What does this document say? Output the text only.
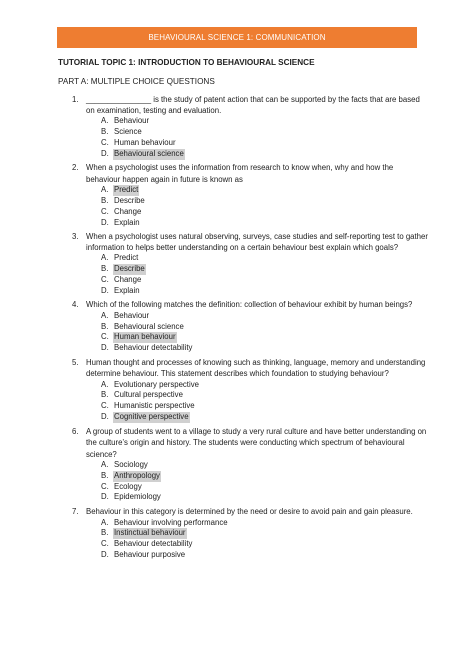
BEHAVIOURAL SCIENCE 1: COMMUNICATION
TUTORIAL TOPIC 1: INTRODUCTION TO BEHAVIOURAL SCIENCE
PART A: MULTIPLE CHOICE QUESTIONS
1. _______________ is the study of patent action that can be supported by the facts that are based on examination, testing and evaluation.
A. Behaviour
B. Science
C. Human behaviour
D. Behavioural science
2. When a psychologist uses the information from research to know when, why and how the behaviour happen again in future is known as
A. Predict
B. Describe
C. Change
D. Explain
3. When a psychologist uses natural observing, surveys, case studies and self-reporting test to gather information to helps better understanding on a certain behaviour best explain which goals?
A. Predict
B. Describe
C. Change
D. Explain
4. Which of the following matches the definition: collection of behaviour exhibit by human beings?
A. Behaviour
B. Behavioural science
C. Human behaviour
D. Behaviour detectability
5. Human thought and processes of knowing such as thinking, language, memory and understanding determine behaviour. This statement describes which foundation to studying behaviour?
A. Evolutionary perspective
B. Cultural perspective
C. Humanistic perspective
D. Cognitive perspective
6. A group of students went to a village to study a very rural culture and have better understanding on the culture’s origin and history. The students were conducting which spectrum of behavioural science?
A. Sociology
B. Anthropology
C. Ecology
D. Epidemiology
7. Behaviour in this category is determined by the need or desire to avoid pain and gain pleasure.
A. Behaviour involving performance
B. Instinctual behaviour
C. Behaviour detectability
D. Behaviour purposive
